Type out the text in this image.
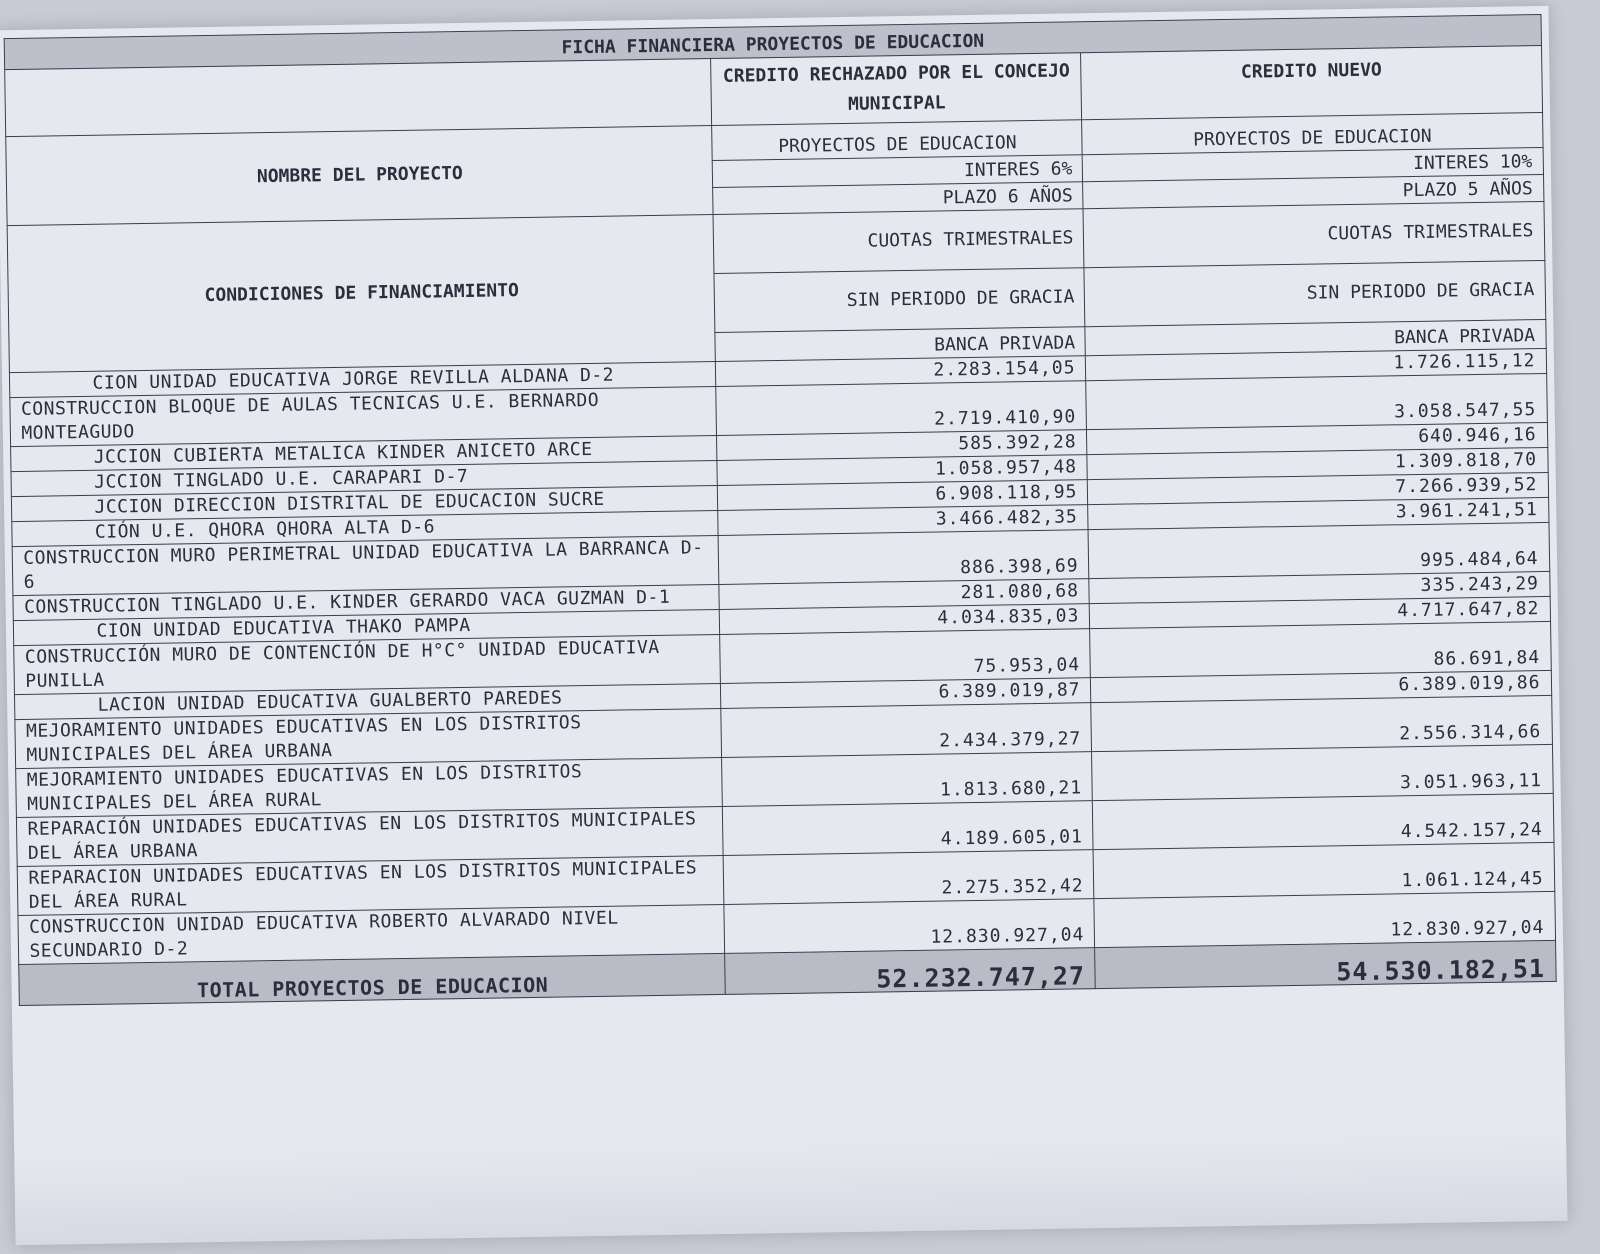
FICHA FINANCIERA PROYECTOS DE EDUCACION		
	CREDITO RECHAZADO POR EL CONCEJO MUNICIPAL	CREDITO NUEVO
NOMBRE DEL PROYECTO	PROYECTOS DE EDUCACION	PROYECTOS DE EDUCACION
	INTERES 6%	INTERES 10%
	PLAZO 6 AÑOS	PLAZO 5 AÑOS
CONDICIONES DE FINANCIAMIENTO	CUOTAS TRIMESTRALES	CUOTAS TRIMESTRALES
	SIN PERIODO DE GRACIA	SIN PERIODO DE GRACIA
	BANCA PRIVADA	BANCA PRIVADA
CION UNIDAD EDUCATIVA JORGE REVILLA ALDANA D-2	2.283.154,05	1.726.115,12
CONSTRUCCION BLOQUE DE AULAS TECNICAS U.E. BERNARDO MONTEAGUDO	2.719.410,90	3.058.547,55
JCCION CUBIERTA METALICA KINDER ANICETO ARCE	585.392,28	640.946,16
JCCION TINGLADO U.E. CARAPARI D-7	1.058.957,48	1.309.818,70
JCCION DIRECCION DISTRITAL DE EDUCACION SUCRE	6.908.118,95	7.266.939,52
CIÓN U.E. QHORA QHORA ALTA D-6	3.466.482,35	3.961.241,51
CONSTRUCCION MURO PERIMETRAL UNIDAD EDUCATIVA LA BARRANCA D-6	886.398,69	995.484,64
CONSTRUCCION TINGLADO U.E. KINDER GERARDO VACA GUZMAN D-1	281.080,68	335.243,29
CION UNIDAD EDUCATIVA THAKO PAMPA	4.034.835,03	4.717.647,82
CONSTRUCCIÓN MURO DE CONTENCIÓN DE H°C° UNIDAD EDUCATIVA PUNILLA	75.953,04	86.691,84
LACION UNIDAD EDUCATIVA GUALBERTO PAREDES	6.389.019,87	6.389.019,86
MEJORAMIENTO UNIDADES EDUCATIVAS EN LOS DISTRITOS MUNICIPALES DEL ÁREA URBANA	2.434.379,27	2.556.314,66
MEJORAMIENTO UNIDADES EDUCATIVAS EN LOS DISTRITOS MUNICIPALES DEL ÁREA RURAL	1.813.680,21	3.051.963,11
REPARACIÓN UNIDADES EDUCATIVAS EN LOS DISTRITOS MUNICIPALES DEL ÁREA URBANA	4.189.605,01	4.542.157,24
REPARACION UNIDADES EDUCATIVAS EN LOS DISTRITOS MUNICIPALES DEL ÁREA RURAL	2.275.352,42	1.061.124,45
CONSTRUCCION UNIDAD EDUCATIVA ROBERTO ALVARADO NIVEL SECUNDARIO D-2	12.830.927,04	12.830.927,04
TOTAL PROYECTOS DE EDUCACION	52.232.747,27	54.530.182,51
